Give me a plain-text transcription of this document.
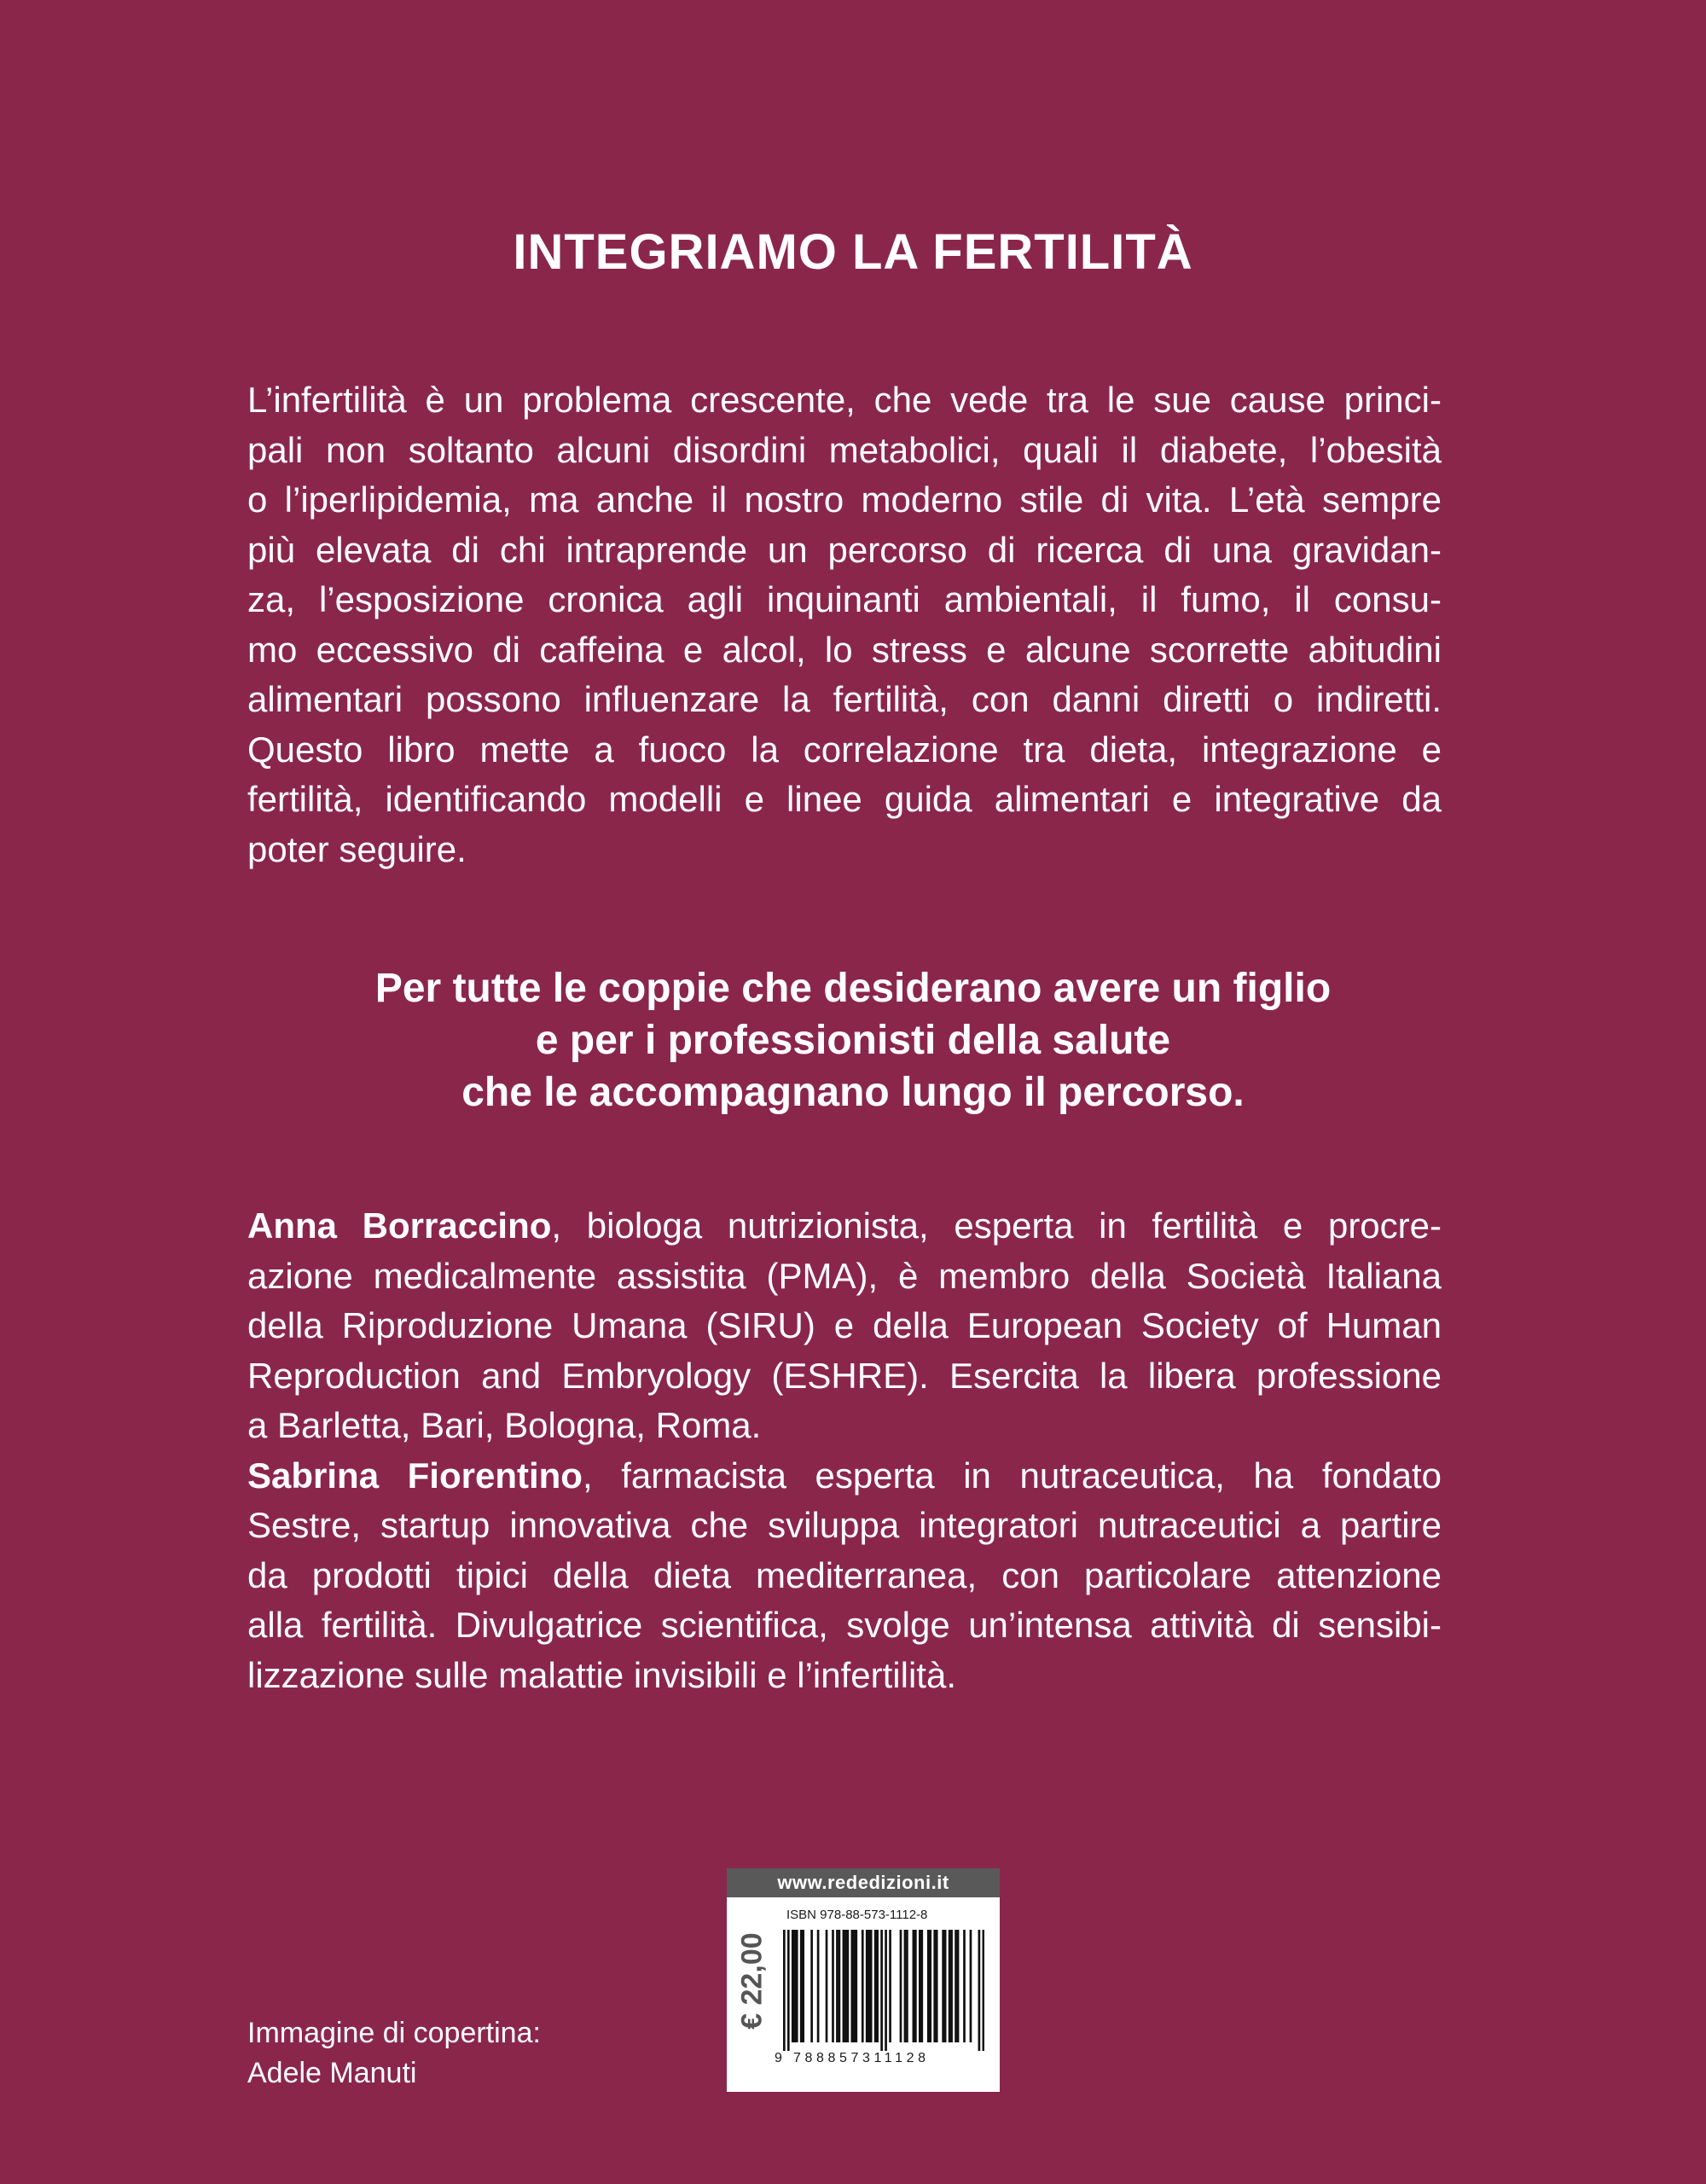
INTEGRIAMO LA FERTILITÀ
L’infertilità è un problema crescente, che vede tra le sue cause princi-
pali non soltanto alcuni disordini metabolici, quali il diabete, l’obesità
o l’iperlipidemia, ma anche il nostro moderno stile di vita. L’età sempre
più elevata di chi intraprende un percorso di ricerca di una gravidan-
za, l’esposizione cronica agli inquinanti ambientali, il fumo, il consu-
mo eccessivo di caffeina e alcol, lo stress e alcune scorrette abitudini
alimentari possono influenzare la fertilità, con danni diretti o indiretti.
Questo libro mette a fuoco la correlazione tra dieta, integrazione e
fertilità, identificando modelli e linee guida alimentari e integrative da
poter seguire.
Per tutte le coppie che desiderano avere un figlio
e per i professionisti della salute
che le accompagnano lungo il percorso.
Anna Borraccino, biologa nutrizionista, esperta in fertilità e procre-
azione medicalmente assistita (PMA), è membro della Società Italiana
della Riproduzione Umana (SIRU) e della European Society of Human
Reproduction and Embryology (ESHRE). Esercita la libera professione
a Barletta, Bari, Bologna, Roma.
Sabrina Fiorentino, farmacista esperta in nutraceutica, ha fondato
Sestre, startup innovativa che sviluppa integratori nutraceutici a partire
da prodotti tipici della dieta mediterranea, con particolare attenzione
alla fertilità. Divulgatrice scientifica, svolge un’intensa attività di sensibi-
lizzazione sulle malattie invisibili e l’infertilità.
Immagine di copertina:
Adele Manuti
www.rededizioni.it
€ 22,00
ISBN 978-88-573-1112-8
9 788857311128
